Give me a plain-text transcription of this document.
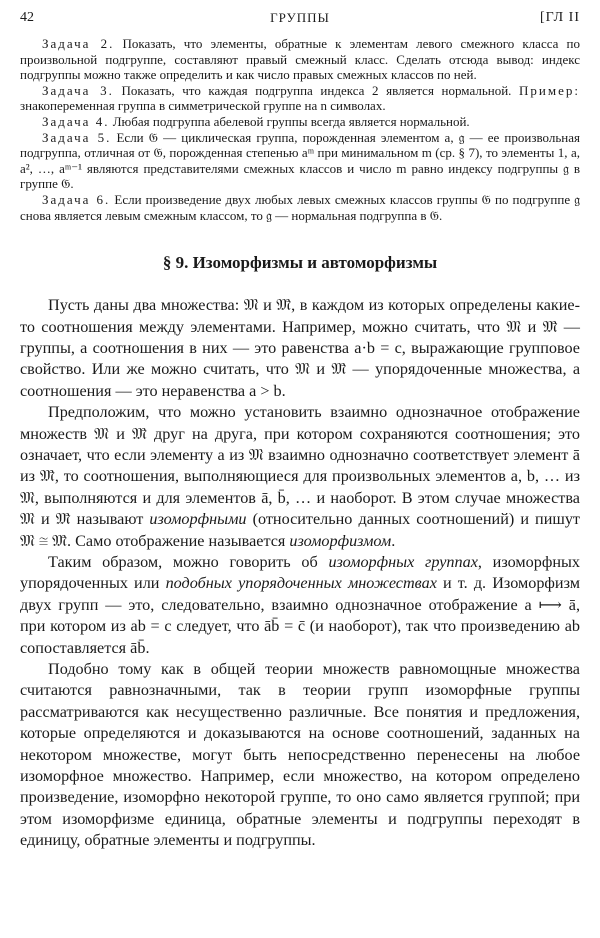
42	ГРУППЫ	[ГЛ II

Задача 2. Показать, что элементы, обратные к элементам левого смежного класса по произвольной подгруппе, составляют правый смежный класс. Сделать отсюда вывод: индекс подгруппы можно также определить и как число правых смежных классов по ней.

Задача 3. Показать, что каждая подгруппа индекса 2 является нормальной. Пример: знакопеременная группа в симметрической группе на n символах.

Задача 4. Любая подгруппа абелевой группы всегда является нормальной.

Задача 5. Если 𝔊 — циклическая группа, порожденная элементом a, 𝔤 — ее произвольная подгруппа, отличная от 𝔊, порожденная степенью aᵐ при минимальном m (ср. § 7), то элементы 1, a, a², …, aᵐ⁻¹ являются представителями смежных классов и число m равно индексу подгруппы 𝔤 в группе 𝔊.

Задача 6. Если произведение двух любых левых смежных классов группы 𝔊 по подгруппе 𝔤 снова является левым смежным классом, то 𝔤 — нормальная подгруппа в 𝔊.

§ 9. Изоморфизмы и автоморфизмы

Пусть даны два множества: 𝔐 и 𝔐̄, в каждом из которых определены какие-то соотношения между элементами. Например, можно считать, что 𝔐 и 𝔐̄ — группы, а соотношения в них — это равенства a·b = c, выражающие групповое свойство. Или же можно считать, что 𝔐 и 𝔐̄ — упорядоченные множества, а соотношения — это неравенства a > b.

Предположим, что можно установить взаимно однозначное отображение множеств 𝔐 и 𝔐̄ друг на друга, при котором сохраняются соотношения; это означает, что если элементу a из 𝔐 взаимно однозначно соответствует элемент ā из 𝔐̄, то соотношения, выполняющиеся для произвольных элементов a, b, … из 𝔐, выполняются и для элементов ā, b̄, … и наоборот. В этом случае множества 𝔐 и 𝔐̄ называют изоморфными (относительно данных соотношений) и пишут 𝔐 ≅ 𝔐̄. Само отображение называется изоморфизмом.

Таким образом, можно говорить об изоморфных группах, изоморфных упорядоченных или подобных упорядоченных множествах и т. д. Изоморфизм двух групп — это, следовательно, взаимно однозначное отображение a ⟼ ā, при котором из ab = c следует, что āb̄ = c̄ (и наоборот), так что произведению ab сопоставляется āb̄.

Подобно тому как в общей теории множеств равномощные множества считаются равнозначными, так в теории групп изоморфные группы рассматриваются как несущественно различные. Все понятия и предложения, которые определяются и доказываются на основе соотношений, заданных на некотором множестве, могут быть непосредственно перенесены на любое изоморфное множество. Например, если множество, на котором определено произведение, изоморфно некоторой группе, то оно само является группой; при этом изоморфизме единица, обратные элементы и подгруппы переходят в единицу, обратные элементы и подгруппы.
